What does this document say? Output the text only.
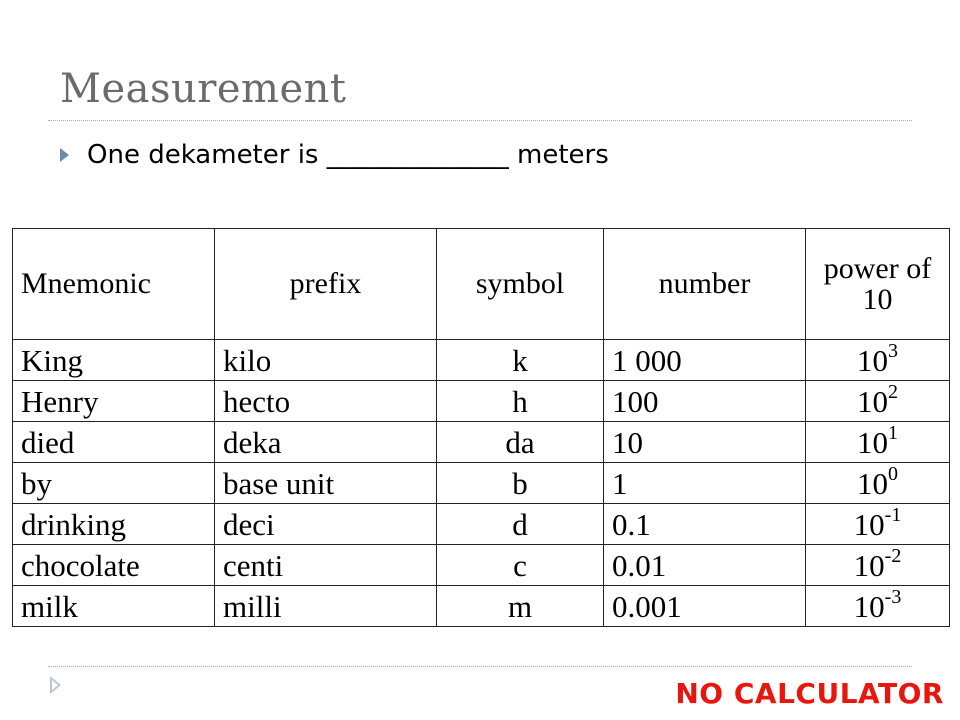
Measurement
One dekameter is ______________ meters
Mnemonic	prefix	symbol	number	power of 10
King	kilo	k	1 000	$10^3$
Henry	hecto	h	100	$10^2$
died	deka	da	10	$10^1$
by	base unit	b	1	$10^0$
drinking	deci	d	0.1	$10^{-1}$
chocolate	centi	c	0.01	$10^{-2}$
milk	milli	m	0.001	$10^{-3}$
NO CALCULATOR
